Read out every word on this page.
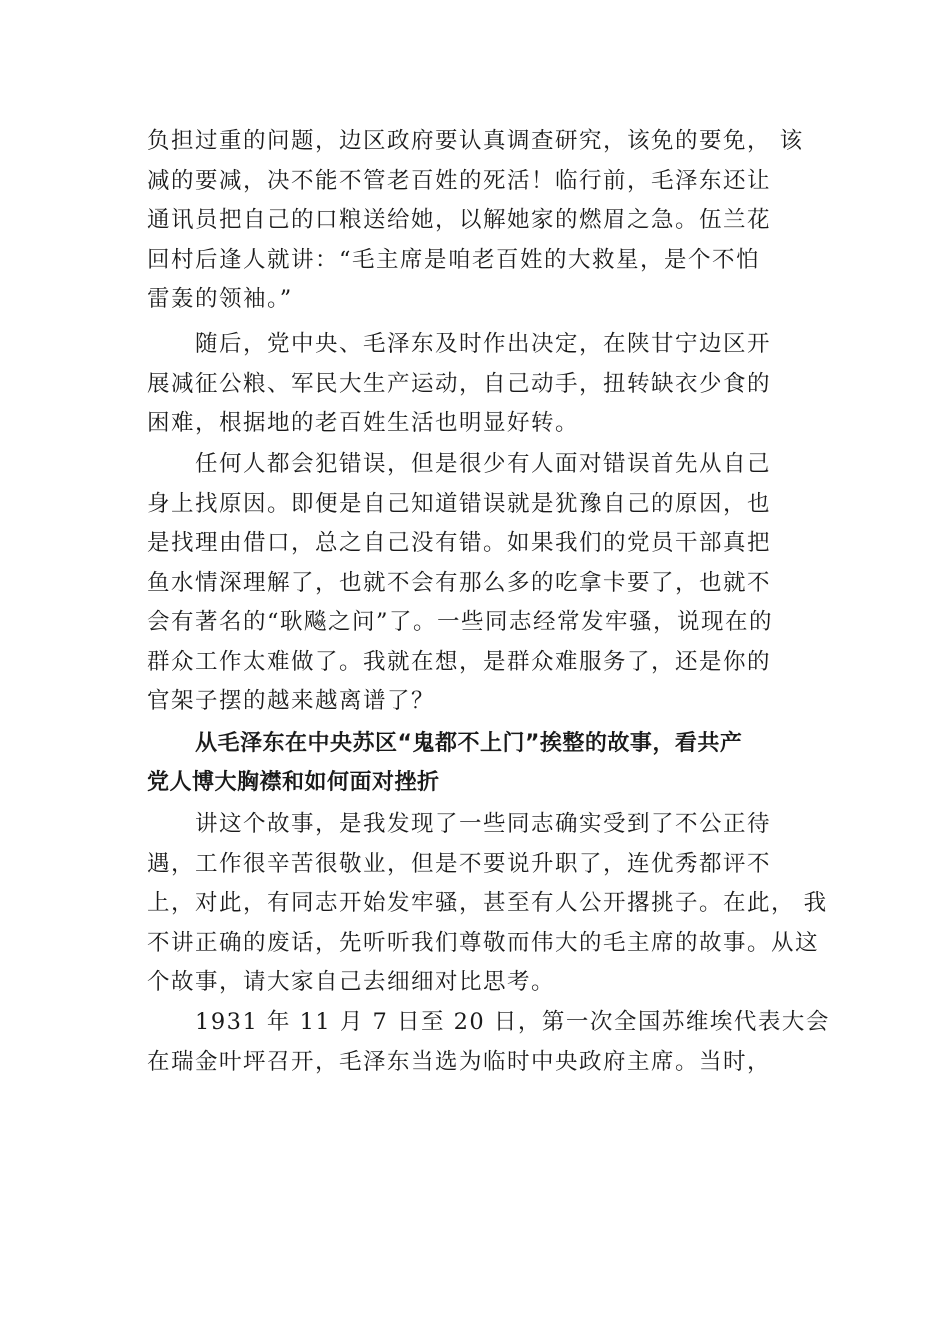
负担过重的问题，边区政府要认真调查研究，该免的要免， 该
减的要减，决不能不管老百姓的死活！临行前，毛泽东还让
通讯员把自己的口粮送给她，以解她家的燃眉之急。伍兰花
回村后逢人就讲：“毛主席是咱老百姓的大救星，是个不怕
雷轰的领袖。”
随后，党中央、毛泽东及时作出决定，在陕甘宁边区开
展减征公粮、军民大生产运动，自己动手，扭转缺衣少食的
困难，根据地的老百姓生活也明显好转。
任何人都会犯错误，但是很少有人面对错误首先从自己
身上找原因。即便是自己知道错误就是犹豫自己的原因，也
是找理由借口，总之自己没有错。如果我们的党员干部真把
鱼水情深理解了，也就不会有那么多的吃拿卡要了，也就不
会有著名的“耿飚之问”了。一些同志经常发牢骚，说现在的
群众工作太难做了。我就在想，是群众难服务了，还是你的
官架子摆的越来越离谱了？
从毛泽东在中央苏区“鬼都不上门”挨整的故事，看共产
党人博大胸襟和如何面对挫折
讲这个故事，是我发现了一些同志确实受到了不公正待
遇，工作很辛苦很敬业，但是不要说升职了，连优秀都评不
上，对此，有同志开始发牢骚，甚至有人公开撂挑子。在此， 我
不讲正确的废话，先听听我们尊敬而伟大的毛主席的故事。从这
个故事，请大家自己去细细对比思考。
1931 年 11 月 7 日至 20 日，第一次全国苏维埃代表大会
在瑞金叶坪召开，毛泽东当选为临时中央政府主席。当时，
